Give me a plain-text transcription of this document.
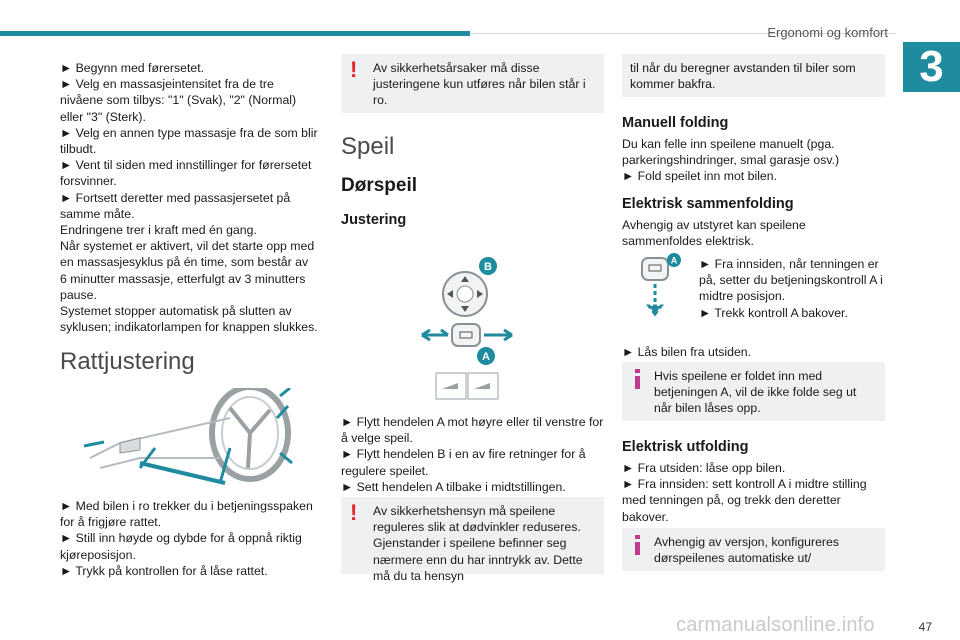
Ergonomi og komfort
3

► Begynn med førersetet.

► Velg en massasjeintensitet fra de tre nivåene som tilbys: "1" (Svak), "2" (Normal) eller "3" (Sterk).

► Velg en annen type massasje fra de som blir tilbudt.

► Vent til siden med innstillinger for førersetet forsvinner.

► Fortsett deretter med passasjersetet på samme måte.

Endringene trer i kraft med én gang.

Når systemet er aktivert, vil det starte opp med en massasjesyklus på én time, som består av 6 minutter massasje, etterfulgt av 3 minutters pause.

Systemet stopper automatisk på slutten av syklusen; indikatorlampen for knappen slukkes.

Rattjustering

► Med bilen i ro trekker du i betjeningsspaken for å frigjøre rattet.

► Still inn høyde og dybde for å oppnå riktig kjøreposisjon.

► Trykk på kontrollen for å låse rattet.

!	Av sikkerhetsårsaker må disse justeringene kun utføres når bilen står i ro.

Speil

Dørspeil

Justering

B
A

► Flytt hendelen A mot høyre eller til venstre for å velge speil.

► Flytt hendelen B i en av fire retninger for å regulere speilet.

► Sett hendelen A tilbake i midtstillingen.

!	Av sikkerhetshensyn må speilene reguleres slik at dødvinkler reduseres. Gjenstander i speilene befinner seg nærmere enn du har inntrykk av. Dette må du ta hensyn
til når du beregner avstanden til biler som kommer bakfra.

Manuell folding

Du kan felle inn speilene manuelt (pga. parkeringshindringer, smal garasje osv.)

► Fold speilet inn mot bilen.

Elektrisk sammenfolding

Avhengig av utstyret kan speilene sammenfoldes elektrisk.

A ► Fra innsiden, når tenningen er på, setter du betjeningskontroll A i midtre posisjon.

► Trekk kontroll A bakover.

► Lås bilen fra utsiden.

Hvis speilene er foldet inn med betjeningen A, vil de ikke folde seg ut når bilen låses opp.

Elektrisk utfolding

► Fra utsiden: låse opp bilen.

► Fra innsiden: sett kontroll A i midtre stilling med tenningen på, og trekk den deretter bakover.

Avhengig av versjon, konfigureres dørspeilenes automatiske ut/
carmanualsonline.info	47
